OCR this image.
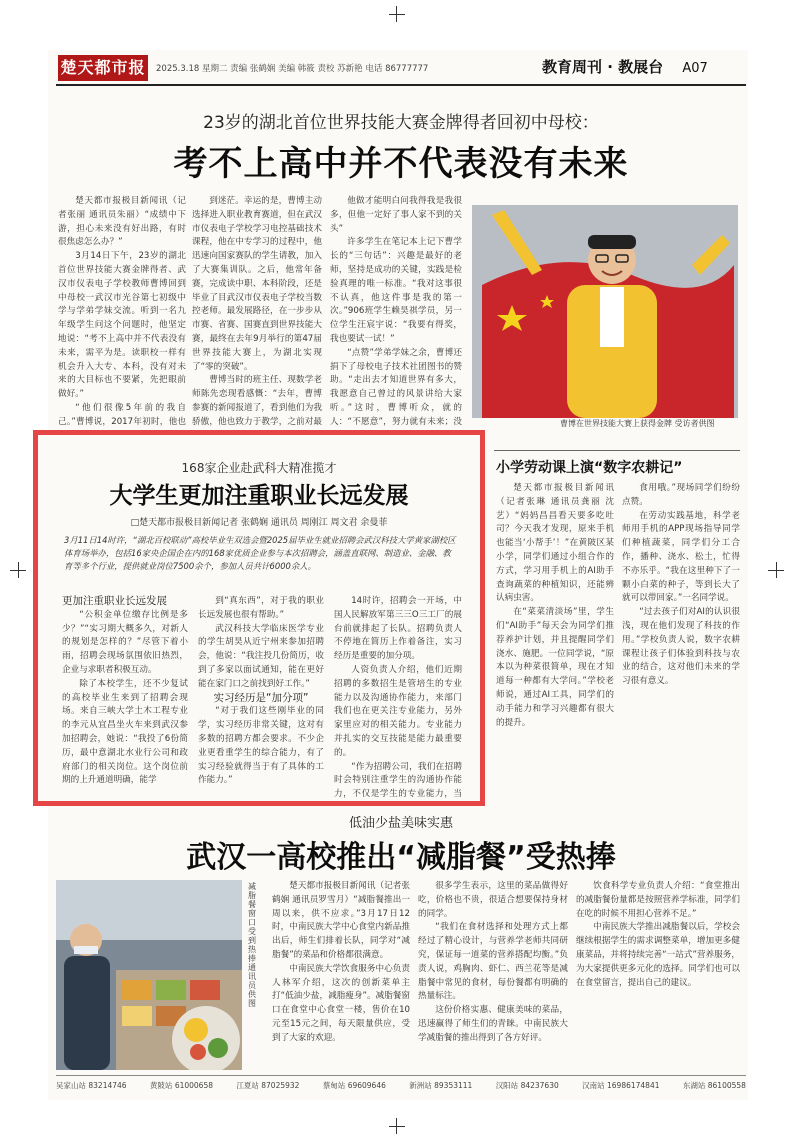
楚天都市报 2025.3.18 星期二 责编 张鹤娴 美编 韩筱 责校 苏新艳 电话 86777777	教育周刊 · 教展台 A07
23岁的湖北首位世界技能大赛金牌得者回初中母校：
考不上高中并不代表没有未来

楚天都市报极目新闻讯（记者张丽 通讯员朱丽）“成绩中下游，担心未来没有好出路，有时很焦虑怎么办？”

3月14日下午，23岁的湖北首位世界技能大赛金牌得者、武汉市仪表电子学校教师曹博回到中母校一武汉市光谷第七初级中学与学弟学妹交流。听到一名九年级学生问这个问题时，他坚定地说：“考不上高中并不代表没有未来，需平为是。读职校一样有机会升入大专、本科，没有对未来的大目标也不要紧，先把眼前做好。”

“他们很像5年前的我自己。”曹博说，2017年初时，他也

到迷茫。幸运的是，曹博主动选择进入职业教育赛道，但在武汉市仪表电子学校学习电控基础技术课程，他在中专学习的过程中，他迅速向国家赛队的学生请教，加入了大赛集训队。之后，他常年备赛，完成读中职、本科阶段，还是毕业了目武汉市仪表电子学校当数控老师。最发展路径，在一步步从市赛、省赛、国赛直到世界技能大赛，最终在去年9月举行的第47届世界技能大赛上，为湖北实现了“零的突破”。

曹博当时的班主任、现数学老师陈先恋现看感慨：“去年，曹博参赛的新闻报道了，看到他们为我骄傲，他也致力于教学，之前对最

他做才能明白问我得我是我很多，但他一定好了事人家不到的关头”

许多学生在笔记本上记下曹学长的“三句话”：兴趣是最好的老师，坚持是成功的关键，实践是检验真理的唯一标准。“我对这事很不认真，他这件事是我的第一次。”906班学生赖昊祺学员，另一位学生汪宸宇说：“我要有得奖，我也要试一试！”

“点赞”学弟学妹之余，曹博还捐下了母校电子技术社团图书的赞助。“走出去才知道世界有多大，我愿意自己曾过的风景讲给大家听。”这时，曹博听众，就的人：“不愿意”，努力就有未来；没	曹博在世界技能大赛上获得金牌 受访者供图
168家企业赴武科大精准揽才
大学生更加注重职业长远发展
□楚天都市报极目新闻记者 张鹤娴 通讯员 周刚江 周文君 余曼菲
3月11日14时许，“湖北百校联动”高校毕业生双选会暨2025届毕业生就业招聘会武汉科技大学黄家湖校区体育场举办，包括16家央企国企在内的168家优质企业参与本次招聘会，涵盖直联网、制造业、金融、教育等多个行业，提供就业岗位7500余个，参加人员共计6000余人。

更加注重职业长远发展

“公积金单位缴存比例是多少？”“实习期大概多久，对新人的规划是怎样的？”尽管下着小雨，招聘会现场氛围依旧热烈，企业与求职者积极互动。

除了本校学生，还不少复试的高校毕业生来到了招聘会现场。来自三峡大学土木工程专业的李元从宜昌坐火车来到武汉参加招聘会，她说：“我投了6份简历，最中意湖北水业行公司和政府部门的相关岗位。这个岗位前期的上升通道明确，能学

到“真东西”，对于我的职业长远发展也很有帮助。”

武汉科技大学临床医学专业的学生胡昊从近宁州来参加招聘会，他说：“我注投几份简历，收到了多家以面试通知，能在更好能在家门口之前找到好工作。”

实习经历是“加分项”

“对于我们这些刚毕业的同学，实习经历非常关键，这对有多数的招聘方都会要求。不少企业更看重学生的综合能力，有了实习经验就得当于有了具体的工作能力。”

14时许，招聘会一开场，中国人民解放军第三三O三工厂的展台前就排起了长队。招聘负责人不停地在简历上作着备注，实习经历是重要的加分项。

人资负责人介绍，他们近期招聘的多数招生是管培生的专业能力以及沟通协作能力，来部门我们也在更关注专业能力，另外家里应对的相关能力。专业能力并扎实的交互技能是能力最重要的。

“作为招聘公司，我们在招聘时会特别注重学生的沟通协作能力，不仅是学生的专业能力，当

小学劳动课上演“数字农耕记”

楚天都市报极目新闻讯（记者张琳 通讯员龚丽 沈艺）“妈妈昌昌看天要多吃吐司？今天我才发现，原来手机也能当‘小帮手’！”在黄陂区某小学，同学们通过小组合作的方式，学习用手机上的AI助手查询蔬菜的种植知识，还能辨认病虫害。

在“菜菜清淡场”里，学生们“AI助手”每天会为同学们推荐养护计划，并且提醒同学们浇水、施肥。一位同学说，“原本以为种菜很简单，现在才知道每一种都有大学问。”学校老师说，通过AI工具，同学们的动手能力和学习兴趣都有很大的提升。

食用哦。”现场同学们纷纷点赞。

在劳动实践基地，科学老师用手机的APP现场指导同学们种植蔬菜，同学们分工合作，播种、浇水、松土，忙得不亦乐乎。“我在这里种下了一颗小白菜的种子，等到长大了就可以带回家。”一名同学说。

“过去孩子们对AI的认识很浅，现在他们发现了科技的作用。”学校负责人说，数字农耕课程让孩子们体验到科技与农业的结合，这对他们未来的学习很有意义。

低油少盐美味实惠
武汉一高校推出“减脂餐”受热捧
减脂餐窗口受到热捧 通讯员供图

楚天都市报极目新闻讯（记者张鹤娴 通讯员罗雪月）“减脂餐推出一周以来，供不应求。”3月17日12时，中南民族大学中心食堂内新品推出后，师生们排着长队，同学对“减脂餐”的菜品和价格都很满意。

中南民族大学饮食服务中心负责人林军介绍，这次的创新菜单主打“低油少盐，减脂瘦身”。减脂餐窗口在食堂中心食堂一楼，售价在10元至15元之间，每天限量供应，受到了大家的欢迎。

很多学生表示，这里的菜品做得好吃，价格也不贵，很适合想要保持身材的同学。

“我们在食材选择和处理方式上都经过了精心设计，与营养学老师共同研究，保证每一道菜的营养搭配均衡。”负责人说，鸡胸肉、虾仁、西兰花等是减脂餐中常见的食材，每份餐都有明确的热量标注。

这份价格实惠、健康美味的菜品，迅速赢得了师生们的青睐。中南民族大学减脂餐的推出得到了各方好评。

饮食科学专业负责人介绍：“食堂推出的减脂餐份量都是按照营养学标准，同学们在吃的时候不用担心营养不足。”

中南民族大学推出减脂餐以后，学校会继续根据学生的需求调整菜单，增加更多健康菜品，并将持续完善“一站式”营养服务，为大家提供更多元化的选择。同学们也可以在食堂留言，提出自己的建议。

吴家山站 83214746	黄陂站 61000658	江夏站 87025932	蔡甸站 69609646	新洲站 89353111	汉阳站 84237630	汉南站 16986174841	东湖站 86100558
